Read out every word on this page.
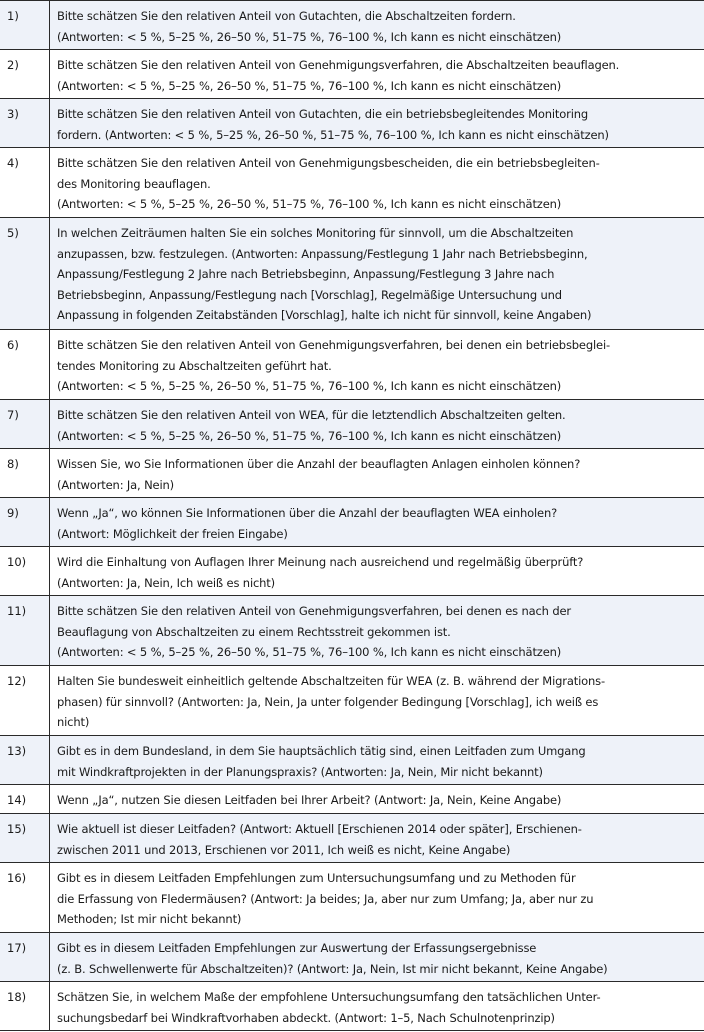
1)	Bitte schätzen Sie den relativen Anteil von Gutachten, die Abschaltzeiten fordern.
(Antworten: < 5 %, 5–25 %, 26–50 %, 51–75 %, 76–100 %, Ich kann es nicht einschätzen)
2)	Bitte schätzen Sie den relativen Anteil von Genehmigungsverfahren, die Abschaltzeiten beauflagen.
(Antworten: < 5 %, 5–25 %, 26–50 %, 51–75 %, 76–100 %, Ich kann es nicht einschätzen)
3)	Bitte schätzen Sie den relativen Anteil von Gutachten, die ein betriebsbegleitendes Monitoring
fordern. (Antworten: < 5 %, 5–25 %, 26–50 %, 51–75 %, 76–100 %, Ich kann es nicht einschätzen)
4)	Bitte schätzen Sie den relativen Anteil von Genehmigungsbescheiden, die ein betriebsbegleiten-
des Monitoring beauflagen.
(Antworten: < 5 %, 5–25 %, 26–50 %, 51–75 %, 76–100 %, Ich kann es nicht einschätzen)
5)	In welchen Zeiträumen halten Sie ein solches Monitoring für sinnvoll, um die Abschaltzeiten
anzupassen, bzw. festzulegen. (Antworten: Anpassung/Festlegung 1 Jahr nach Betriebsbeginn,
Anpassung/Festlegung 2 Jahre nach Betriebsbeginn, Anpassung/Festlegung 3 Jahre nach
Betriebsbeginn, Anpassung/Festlegung nach [Vorschlag], Regelmäßige Untersuchung und
Anpassung in folgenden Zeitabständen [Vorschlag], halte ich nicht für sinnvoll, keine Angaben)
6)	Bitte schätzen Sie den relativen Anteil von Genehmigungsverfahren, bei denen ein betriebsbeglei-
tendes Monitoring zu Abschaltzeiten geführt hat.
(Antworten: < 5 %, 5–25 %, 26–50 %, 51–75 %, 76–100 %, Ich kann es nicht einschätzen)
7)	Bitte schätzen Sie den relativen Anteil von WEA, für die letztendlich Abschaltzeiten gelten.
(Antworten: < 5 %, 5–25 %, 26–50 %, 51–75 %, 76–100 %, Ich kann es nicht einschätzen)
8)	Wissen Sie, wo Sie Informationen über die Anzahl der beauflagten Anlagen einholen können?
(Antworten: Ja, Nein)
9)	Wenn „Ja“, wo können Sie Informationen über die Anzahl der beauflagten WEA einholen?
(Antwort: Möglichkeit der freien Eingabe)
10)	Wird die Einhaltung von Auflagen Ihrer Meinung nach ausreichend und regelmäßig überprüft?
(Antworten: Ja, Nein, Ich weiß es nicht)
11)	Bitte schätzen Sie den relativen Anteil von Genehmigungsverfahren, bei denen es nach der
Beauflagung von Abschaltzeiten zu einem Rechtsstreit gekommen ist.
(Antworten: < 5 %, 5–25 %, 26–50 %, 51–75 %, 76–100 %, Ich kann es nicht einschätzen)
12)	Halten Sie bundesweit einheitlich geltende Abschaltzeiten für WEA (z. B. während der Migrations-
phasen) für sinnvoll? (Antworten: Ja, Nein, Ja unter folgender Bedingung [Vorschlag], ich weiß es
nicht)
13)	Gibt es in dem Bundesland, in dem Sie hauptsächlich tätig sind, einen Leitfaden zum Umgang
mit Windkraftprojekten in der Planungspraxis? (Antworten: Ja, Nein, Mir nicht bekannt)
14)	Wenn „Ja“, nutzen Sie diesen Leitfaden bei Ihrer Arbeit? (Antwort: Ja, Nein, Keine Angabe)
15)	Wie aktuell ist dieser Leitfaden? (Antwort: Aktuell [Erschienen 2014 oder später], Erschienen-
zwischen 2011 und 2013, Erschienen vor 2011, Ich weiß es nicht, Keine Angabe)
16)	Gibt es in diesem Leitfaden Empfehlungen zum Untersuchungsumfang und zu Methoden für
die Erfassung von Fledermäusen? (Antwort: Ja beides; Ja, aber nur zum Umfang; Ja, aber nur zu
Methoden; Ist mir nicht bekannt)
17)	Gibt es in diesem Leitfaden Empfehlungen zur Auswertung der Erfassungsergebnisse
(z. B. Schwellenwerte für Abschaltzeiten)? (Antwort: Ja, Nein, Ist mir nicht bekannt, Keine Angabe)
18)	Schätzen Sie, in welchem Maße der empfohlene Untersuchungsumfang den tatsächlichen Unter-
suchungsbedarf bei Windkraftvorhaben abdeckt. (Antwort: 1–5, Nach Schulnotenprinzip)
